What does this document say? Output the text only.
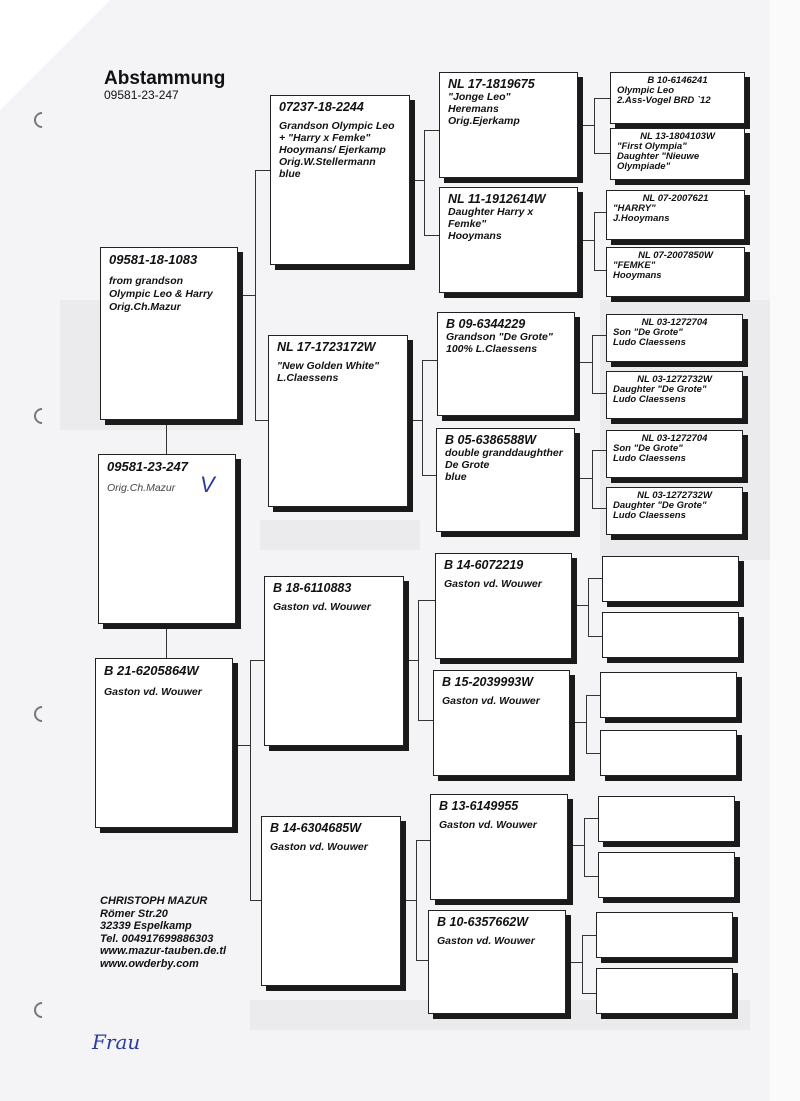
Abstammung
09581-23-247
09581-23-247
Orig.Ch.Mazur	V
09581-18-1083
from grandson
Olympic Leo & Harry
Orig.Ch.Mazur
B 21-6205864W
Gaston vd. Wouwer
07237-18-2244
Grandson Olympic Leo
+ "Harry x Femke"
Hooymans/ Ejerkamp
Orig.W.Stellermann
blue
NL 17-1723172W
"New Golden White"
L.Claessens
B 18-6110883
Gaston vd. Wouwer
B 14-6304685W
Gaston vd. Wouwer
NL 17-1819675
"Jonge Leo"
Heremans
Orig.Ejerkamp
NL 11-1912614W
Daughter Harry x
Femke"
Hooymans
B 09-6344229
Grandson "De Grote"
100% L.Claessens
B 05-6386588W
double granddaughther
De Grote
blue
B 14-6072219
Gaston vd. Wouwer
B 15-2039993W
Gaston vd. Wouwer
B 13-6149955
Gaston vd. Wouwer
B 10-6357662W
Gaston vd. Wouwer
B 10-6146241
Olympic Leo
2.Ass-Vogel BRD `12
NL 13-1804103W
"First Olympia"
Daughter "Nieuwe
Olympiade"
NL 07-2007621
"HARRY"
J.Hooymans
NL 07-2007850W
"FEMKE"
Hooymans
NL 03-1272704
Son "De Grote"
Ludo Claessens
NL 03-1272732W
Daughter "De Grote"
Ludo Claessens
NL 03-1272704
Son "De Grote"
Ludo Claessens
NL 03-1272732W
Daughter "De Grote"
Ludo Claessens
CHRISTOPH MAZUR
Römer Str.20
32339 Espelkamp
Tel. 004917699886303
www.mazur-tauben.de.tl
www.owderby.com
Frau
